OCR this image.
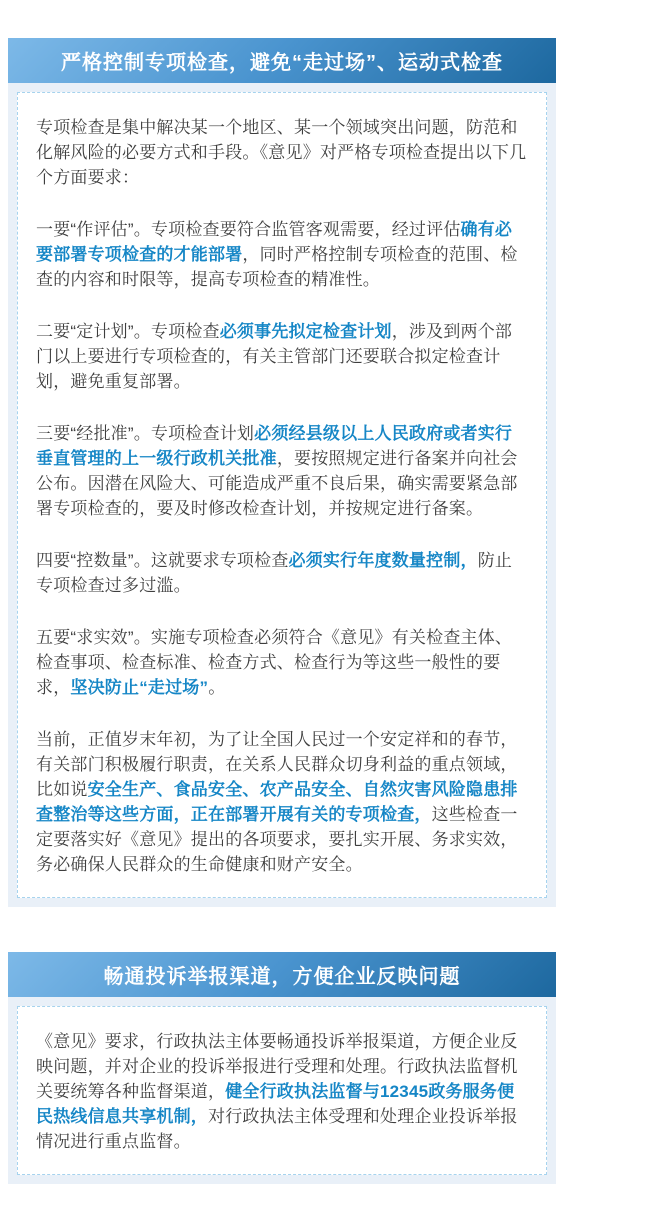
严格控制专项检查，避免“走过场”、运动式检查

专项检查是集中解决某一个地区、某一个领域突出问题，防范和化解风险的必要方式和手段。《意见》对严格专项检查提出以下几个方面要求：

一要“作评估”。专项检查要符合监管客观需要，经过评估确有必要部署专项检查的才能部署，同时严格控制专项检查的范围、检查的内容和时限等，提高专项检查的精准性。

二要“定计划”。专项检查必须事先拟定检查计划，涉及到两个部门以上要进行专项检查的，有关主管部门还要联合拟定检查计划，避免重复部署。

三要“经批准”。专项检查计划必须经县级以上人民政府或者实行垂直管理的上一级行政机关批准，要按照规定进行备案并向社会公布。因潜在风险大、可能造成严重不良后果，确实需要紧急部署专项检查的，要及时修改检查计划，并按规定进行备案。

四要“控数量”。这就要求专项检查必须实行年度数量控制，防止专项检查过多过滥。

五要“求实效”。实施专项检查必须符合《意见》有关检查主体、检查事项、检查标准、检查方式、检查行为等这些一般性的要求，坚决防止“走过场”。

当前，正值岁末年初，为了让全国人民过一个安定祥和的春节，有关部门积极履行职责，在关系人民群众切身利益的重点领域，比如说安全生产、食品安全、农产品安全、自然灾害风险隐患排查整治等这些方面，正在部署开展有关的专项检查，这些检查一定要落实好《意见》提出的各项要求，要扎实开展、务求实效，务必确保人民群众的生命健康和财产安全。

畅通投诉举报渠道，方便企业反映问题

《意见》要求，行政执法主体要畅通投诉举报渠道，方便企业反映问题，并对企业的投诉举报进行受理和处理。行政执法监督机关要统筹各种监督渠道，健全行政执法监督与12345政务服务便民热线信息共享机制，对行政执法主体受理和处理企业投诉举报情况进行重点监督。
